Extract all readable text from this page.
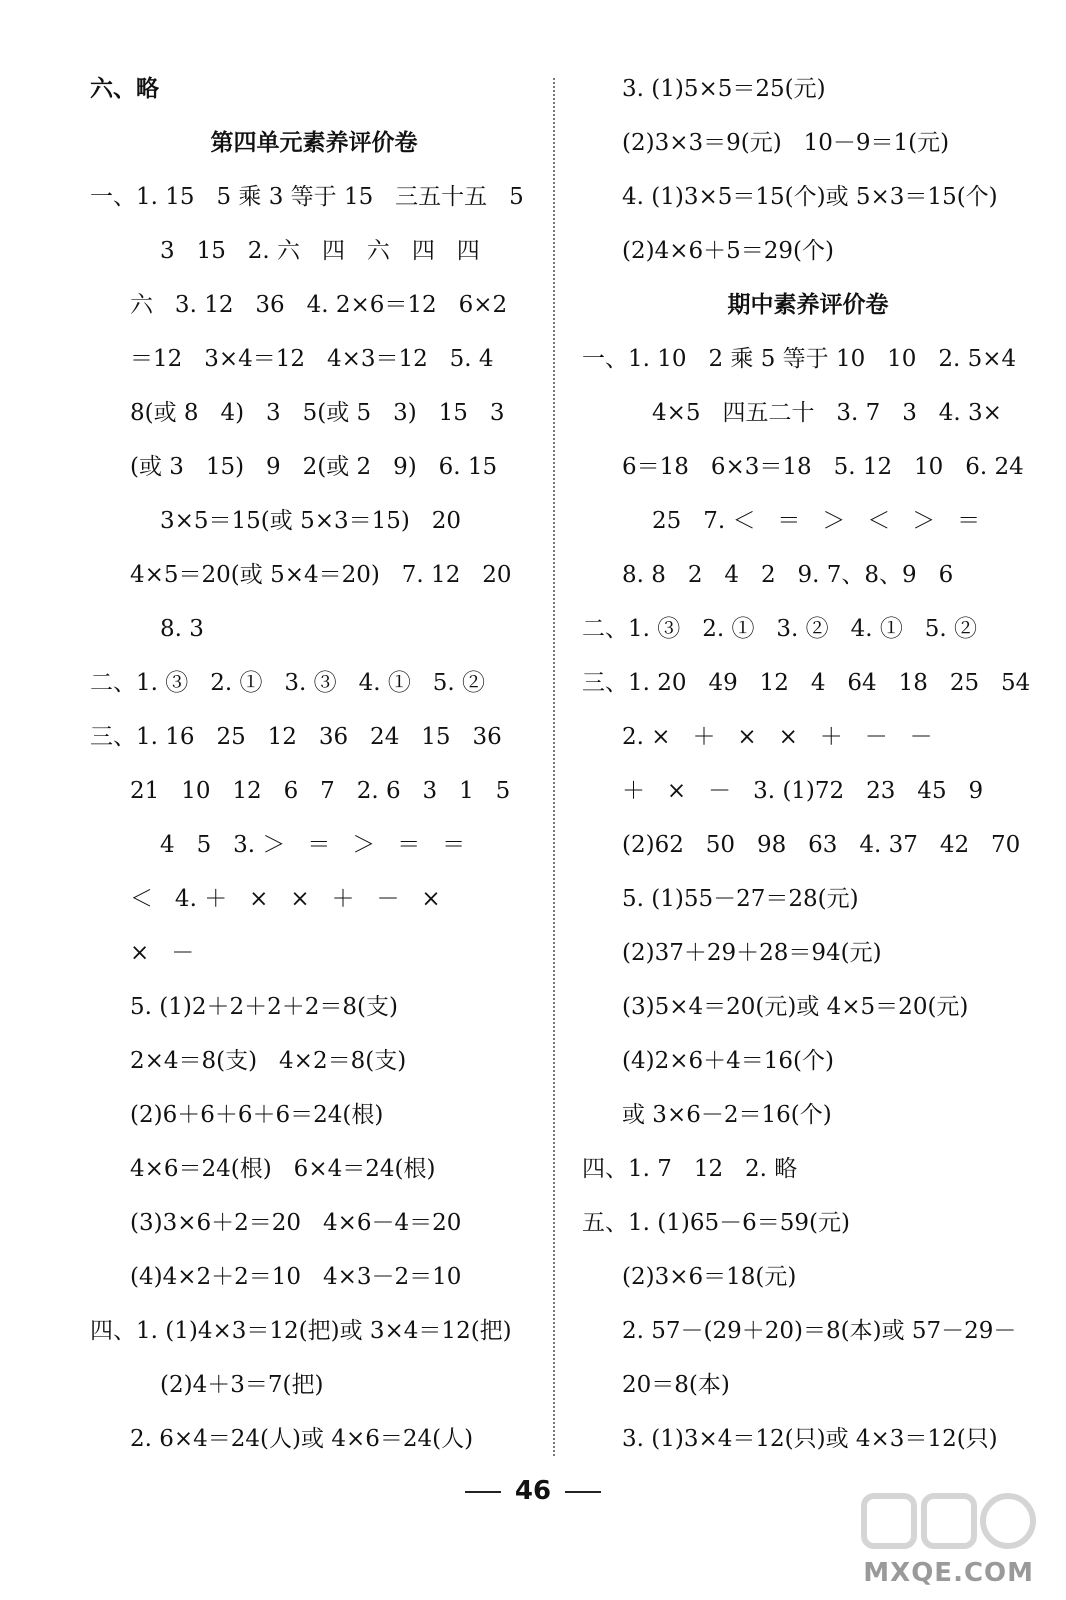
六、略
第四单元素养评价卷
一、1. 15   5 乘 3 等于 15   三五十五   5
3   15   2. 六   四   六   四   四
六   3. 12   36   4. 2×6＝12   6×2
＝12   3×4＝12   4×3＝12   5. 4
8(或 8   4)   3   5(或 5   3)   15   3
(或 3   15)   9   2(或 2   9)   6. 15
3×5＝15(或 5×3＝15)   20
4×5＝20(或 5×4＝20)   7. 12   20
8. 3
二、1. ③   2. ①   3. ③   4. ①   5. ②
三、1. 16   25   12   36   24   15   36
21   10   12   6   7   2. 6   3   1   5
4   5   3. ＞   ＝   ＞   ＝   ＝
＜   4. ＋   ×   ×   ＋   －   ×
×   －
5. (1)2＋2＋2＋2＝8(支)
2×4＝8(支)   4×2＝8(支)
(2)6＋6＋6＋6＝24(根)
4×6＝24(根)   6×4＝24(根)
(3)3×6＋2＝20   4×6－4＝20
(4)4×2＋2＝10   4×3－2＝10
四、1. (1)4×3＝12(把)或 3×4＝12(把)
(2)4＋3＝7(把)
2. 6×4＝24(人)或 4×6＝24(人)
3. (1)5×5＝25(元)
(2)3×3＝9(元)   10－9＝1(元)
4. (1)3×5＝15(个)或 5×3＝15(个)
(2)4×6＋5＝29(个)
期中素养评价卷
一、1. 10   2 乘 5 等于 10   10   2. 5×4
4×5   四五二十   3. 7   3   4. 3×
6＝18   6×3＝18   5. 12   10   6. 24
25   7. ＜   ＝   ＞   ＜   ＞   ＝
8. 8   2   4   2   9. 7、8、9   6
二、1. ③   2. ①   3. ②   4. ①   5. ②
三、1. 20   49   12   4   64   18   25   54
2. ×   ＋   ×   ×   ＋   －   －
＋   ×   －   3. (1)72   23   45   9
(2)62   50   98   63   4. 37   42   70
5. (1)55－27＝28(元)
(2)37＋29＋28＝94(元)
(3)5×4＝20(元)或 4×5＝20(元)
(4)2×6＋4＝16(个)
或 3×6－2＝16(个)
四、1. 7   12   2. 略
五、1. (1)65－6＝59(元)
(2)3×6＝18(元)
2. 57－(29＋20)＝8(本)或 57－29－
20＝8(本)
3. (1)3×4＝12(只)或 4×3＝12(只)
46
MXQE.COM
